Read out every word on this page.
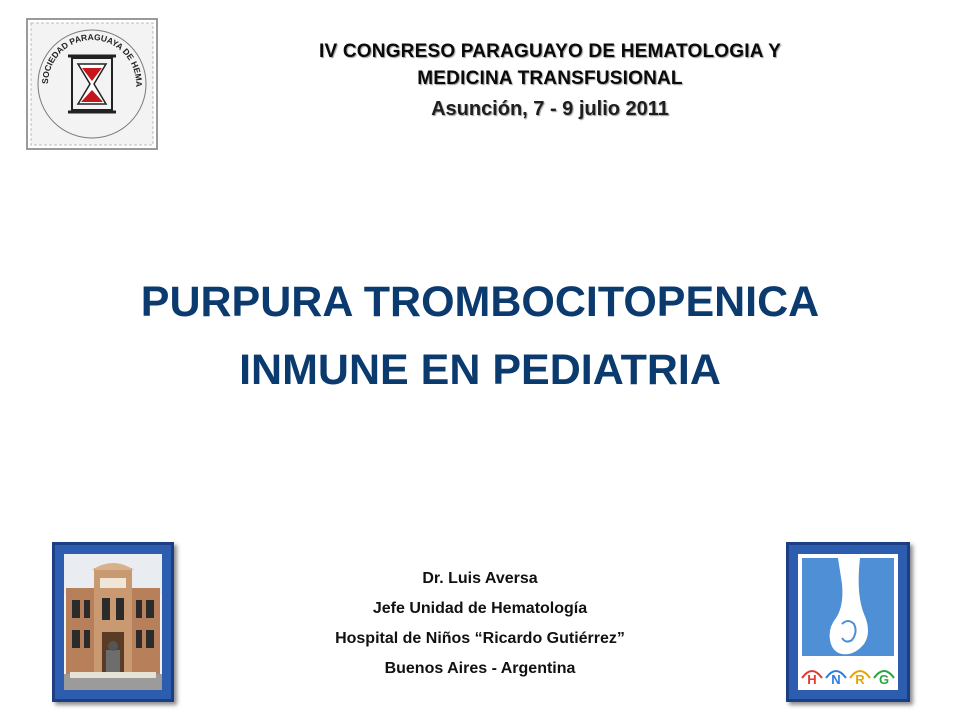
SOCIEDAD PARAGUAYA DE HEMA
IV CONGRESO PARAGUAYO DE HEMATOLOGIA Y
MEDICINA TRANSFUSIONAL
Asunción, 7 - 9 julio 2011
PURPURA TROMBOCITOPENICA
INMUNE EN PEDIATRIA
Dr. Luis Aversa
Jefe Unidad de Hematología
Hospital de Niños “Ricardo Gutiérrez”
Buenos Aires - Argentina
H N R G
